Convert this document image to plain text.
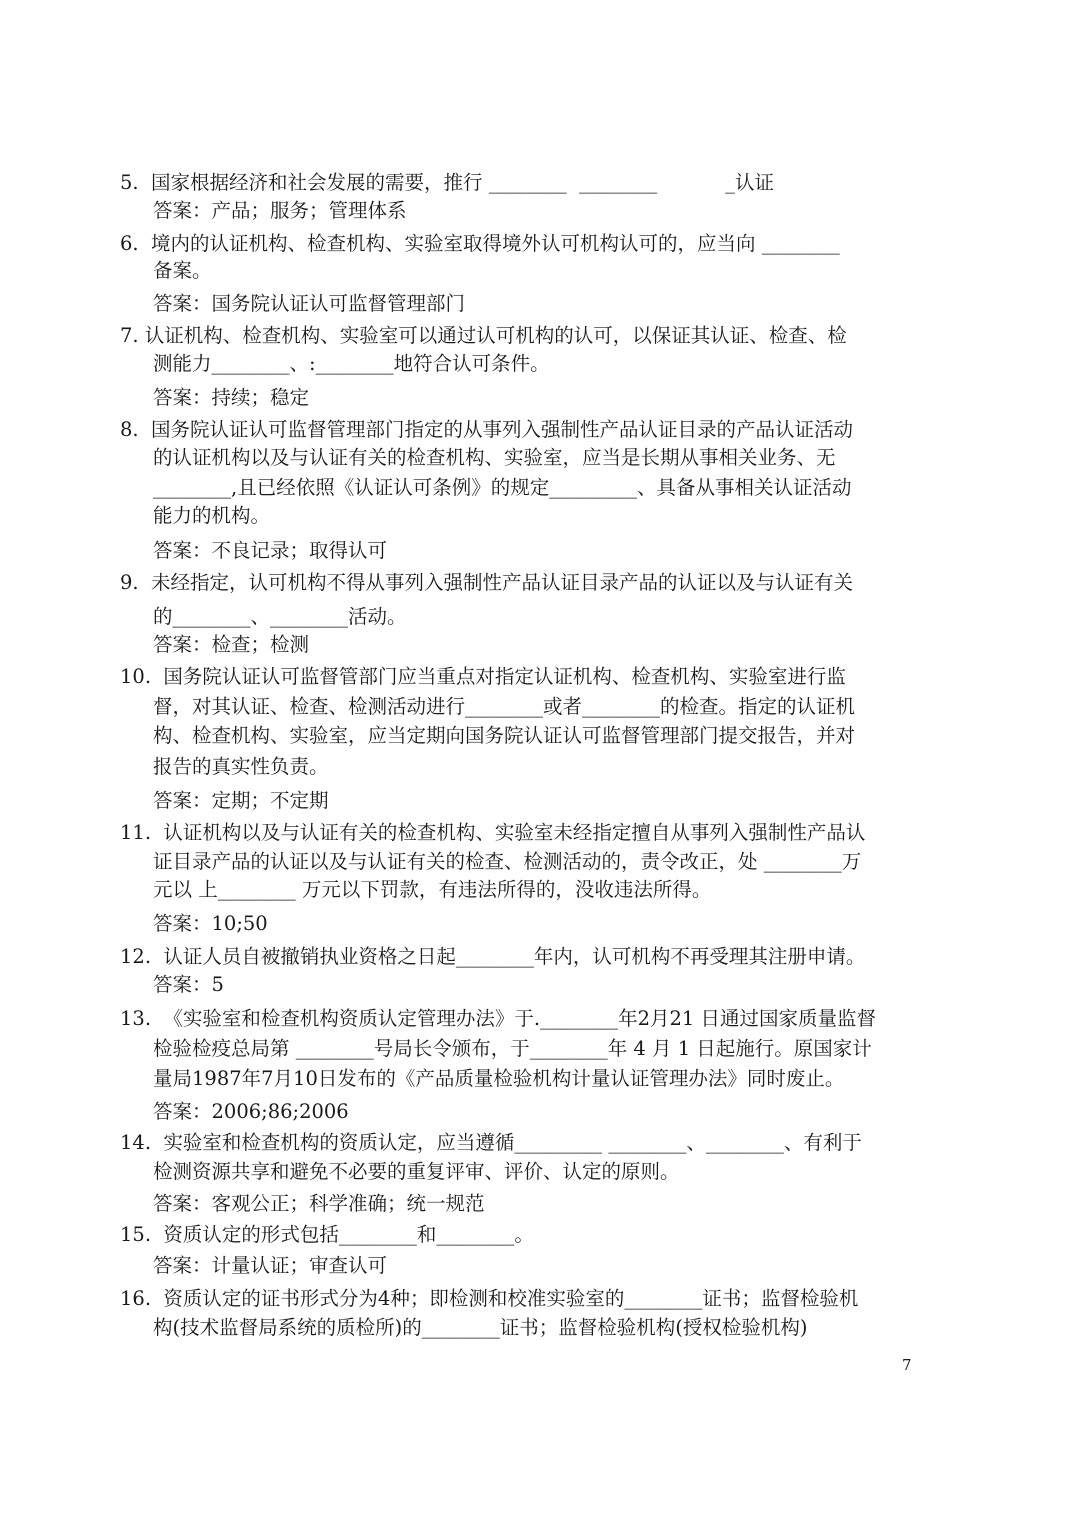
5.  国家根据经济和社会发展的需要，推行 ________  ________           _认证
答案：产品；服务；管理体系
6.  境内的认证机构、检查机构、实验室取得境外认可机构认可的，应当向 ________
备案。
答案：国务院认证认可监督管理部门
7. 认证机构、检查机构、实验室可以通过认可机构的认可，以保证其认证、检查、检
测能力________、:________地符合认可条件。
答案：持续；稳定
8.  国务院认证认可监督管理部门指定的从事列入强制性产品认证目录的产品认证活动
的认证机构以及与认证有关的检查机构、实验室，应当是长期从事相关业务、无
________,且已经依照《认证认可条例》的规定_________、具备从事相关认证活动
能力的机构。
答案：不良记录；取得认可
9.  未经指定，认可机构不得从事列入强制性产品认证目录产品的认证以及与认证有关
的________、________活动。
答案：检查；检测
10.  国务院认证认可监督管部门应当重点对指定认证机构、检查机构、实验室进行监
督，对其认证、检查、检测活动进行________或者________的检查。指定的认证机
构、检查机构、实验室，应当定期向国务院认证认可监督管理部门提交报告，并对
报告的真实性负责。
答案：定期；不定期
11.  认证机构以及与认证有关的检查机构、实验室未经指定擅自从事列入强制性产品认
证目录产品的认证以及与认证有关的检查、检测活动的，责令改正，处 ________万
元以 上________ 万元以下罚款，有违法所得的，没收违法所得。
答案：10;50
12.  认证人员自被撤销执业资格之日起________年内，认可机构不再受理其注册申请。
答案：5
13.  《实验室和检查机构资质认定管理办法》于.________年2月21 日通过国家质量监督
检验检疫总局第 ________号局长令颁布，于________年 4 月 1 日起施行。原国家计
量局1987年7月10日发布的《产品质量检验机构计量认证管理办法》同时废止。
答案：2006;86;2006
14.  实验室和检查机构的资质认定，应当遵循_________ ________、________、有利于
检测资源共享和避免不必要的重复评审、评价、认定的原则。
答案：客观公正；科学准确；统一规范
15.  资质认定的形式包括________和________。
答案：计量认证；审查认可
16.  资质认定的证书形式分为4种；即检测和校准实验室的________证书；监督检验机
构(技术监督局系统的质检所)的________证书；监督检验机构(授权检验机构)
7
